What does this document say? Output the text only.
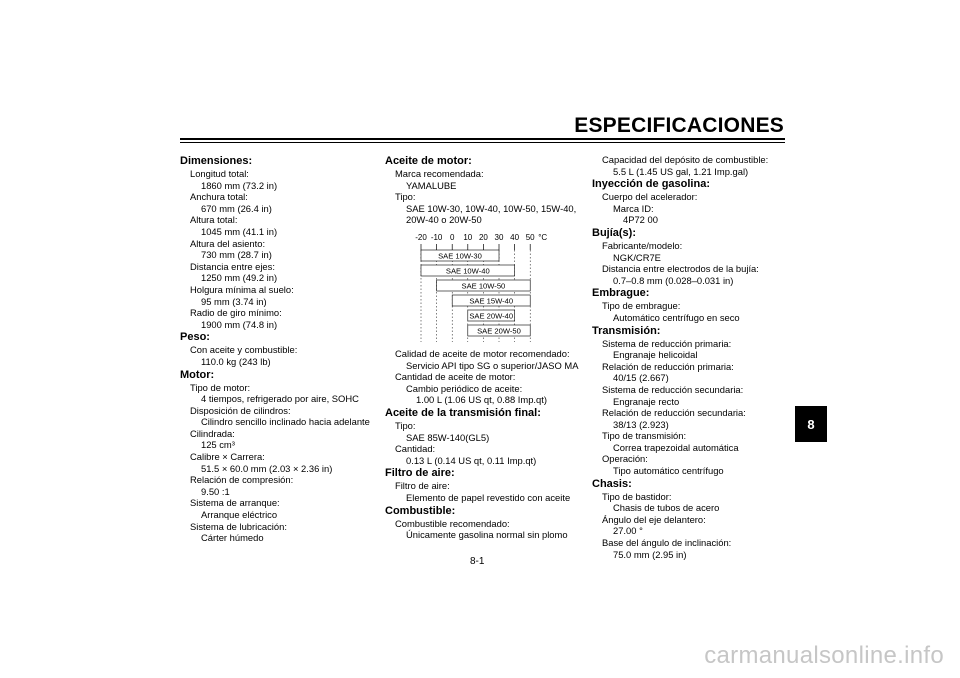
ESPECIFICACIONES
8
Dimensiones:
Longitud total:
1860 mm (73.2 in)
Anchura total:
670 mm (26.4 in)
Altura total:
1045 mm (41.1 in)
Altura del asiento:
730 mm (28.7 in)
Distancia entre ejes:
1250 mm (49.2 in)
Holgura mínima al suelo:
95 mm (3.74 in)
Radio de giro mínimo:
1900 mm (74.8 in)
Peso:
Con aceite y combustible:
110.0 kg (243 lb)
Motor:
Tipo de motor:
4 tiempos, refrigerado por aire, SOHC
Disposición de cilindros:
Cilindro sencillo inclinado hacia adelante
Cilindrada:
125 cm³
Calibre × Carrera:
51.5 × 60.0 mm (2.03 × 2.36 in)
Relación de compresión:
9.50 :1
Sistema de arranque:
Arranque eléctrico
Sistema de lubricación:
Cárter húmedo
Aceite de motor:
Marca recomendada:
YAMALUBE
Tipo:
SAE 10W-30, 10W-40, 10W-50, 15W-40,
20W-40 o 20W-50
-20 -10 0 10 20 30 40 50 °C
SAE 10W-30
SAE 10W-40
SAE 10W-50
SAE 15W-40
SAE 20W-40
SAE 20W-50
Calidad de aceite de motor recomendado:
Servicio API tipo SG o superior/JASO MA
Cantidad de aceite de motor:
Cambio periódico de aceite:
1.00 L (1.06 US qt, 0.88 Imp.qt)
Aceite de la transmisión final:
Tipo:
SAE 85W-140(GL5)
Cantidad:
0.13 L (0.14 US qt, 0.11 Imp.qt)
Filtro de aire:
Filtro de aire:
Elemento de papel revestido con aceite
Combustible:
Combustible recomendado:
Únicamente gasolina normal sin plomo
Capacidad del depósito de combustible:
5.5 L (1.45 US gal, 1.21 Imp.gal)
Inyección de gasolina:
Cuerpo del acelerador:
Marca ID:
4P72 00
Bujía(s):
Fabricante/modelo:
NGK/CR7E
Distancia entre electrodos de la bujía:
0.7–0.8 mm (0.028–0.031 in)
Embrague:
Tipo de embrague:
Automático centrífugo en seco
Transmisión:
Sistema de reducción primaria:
Engranaje helicoidal
Relación de reducción primaria:
40/15 (2.667)
Sistema de reducción secundaria:
Engranaje recto
Relación de reducción secundaria:
38/13 (2.923)
Tipo de transmisión:
Correa trapezoidal automática
Operación:
Tipo automático centrífugo
Chasis:
Tipo de bastidor:
Chasis de tubos de acero
Ángulo del eje delantero:
27.00 °
Base del ángulo de inclinación:
75.0 mm (2.95 in)
8-1
carmanualsonline.info
